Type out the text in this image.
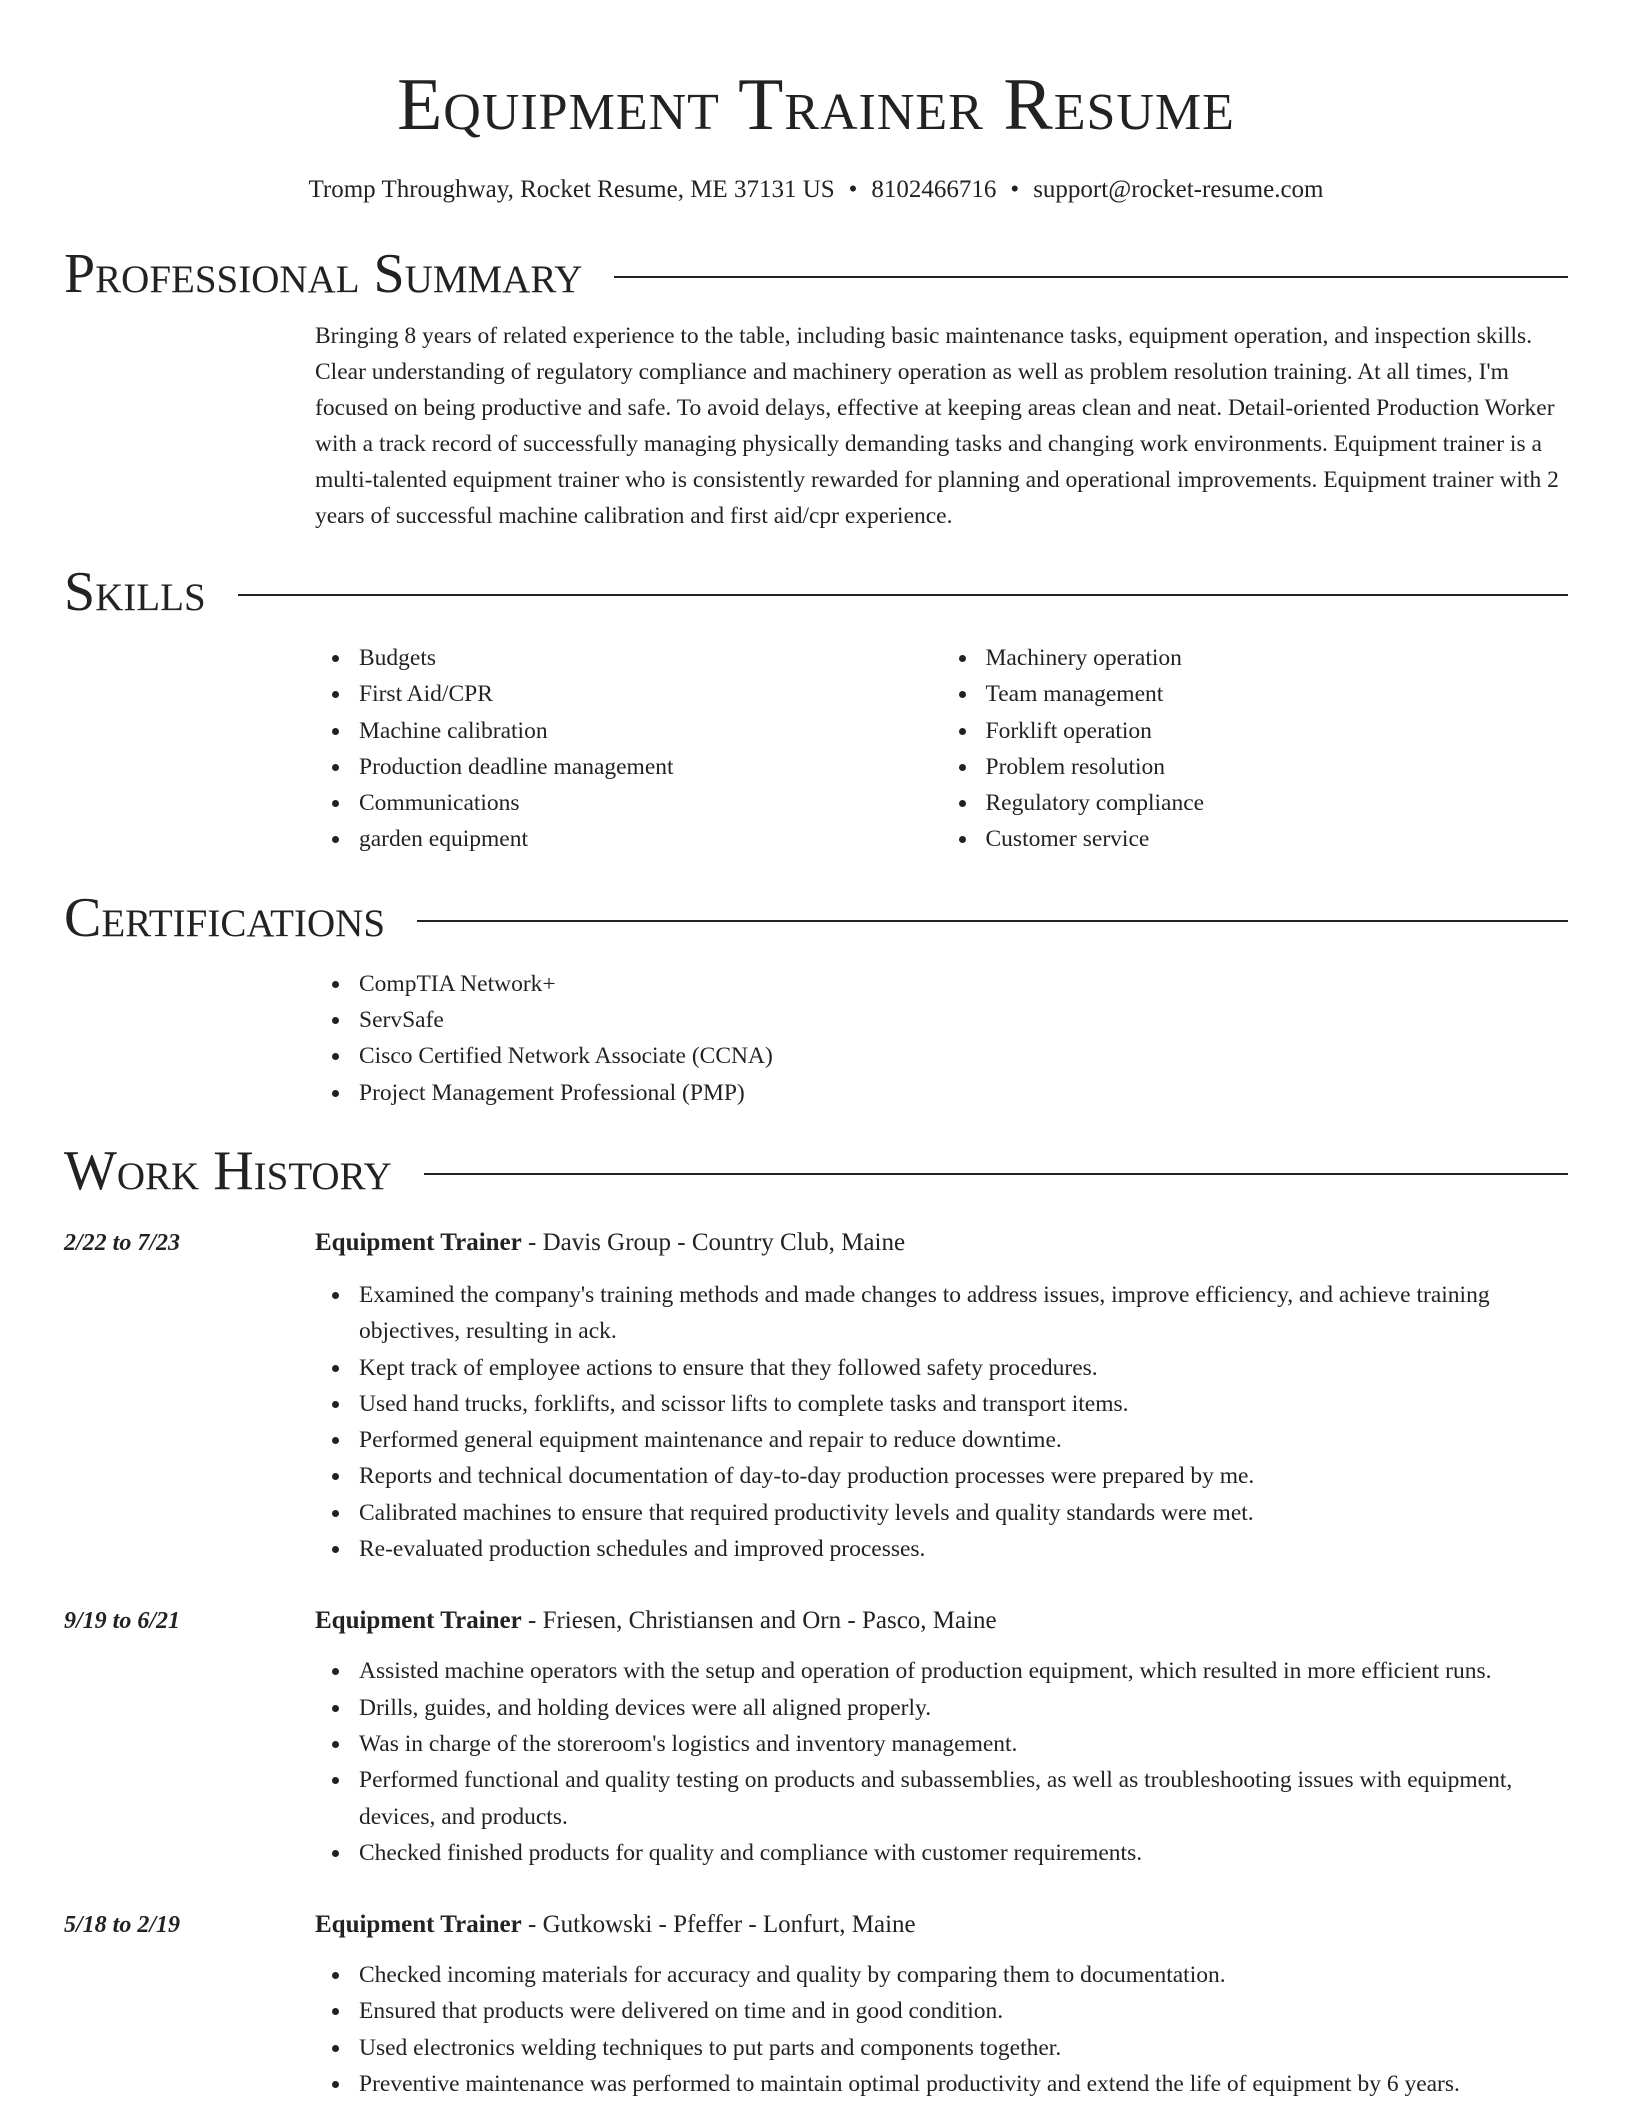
Equipment Trainer Resume
Tromp Throughway, Rocket Resume, ME 37131 US • 8102466716 • support@rocket-resume.com
Professional Summary
Bringing 8 years of related experience to the table, including basic maintenance tasks, equipment operation, and inspection skills. Clear understanding of regulatory compliance and machinery operation as well as problem resolution training. At all times, I'm focused on being productive and safe. To avoid delays, effective at keeping areas clean and neat. Detail-oriented Production Worker with a track record of successfully managing physically demanding tasks and changing work environments. Equipment trainer is a multi-talented equipment trainer who is consistently rewarded for planning and operational improvements. Equipment trainer with 2 years of successful machine calibration and first aid/cpr experience.
Skills
Budgets
First Aid/CPR
Machine calibration
Production deadline management
Communications
garden equipment
Machinery operation
Team management
Forklift operation
Problem resolution
Regulatory compliance
Customer service
Certifications
CompTIA Network+
ServSafe
Cisco Certified Network Associate (CCNA)
Project Management Professional (PMP)
Work History
2/22 to 7/23	Equipment Trainer - Davis Group - Country Club, Maine
Examined the company's training methods and made changes to address issues, improve efficiency, and achieve training objectives, resulting in ack.
Kept track of employee actions to ensure that they followed safety procedures.
Used hand trucks, forklifts, and scissor lifts to complete tasks and transport items.
Performed general equipment maintenance and repair to reduce downtime.
Reports and technical documentation of day-to-day production processes were prepared by me.
Calibrated machines to ensure that required productivity levels and quality standards were met.
Re-evaluated production schedules and improved processes.
9/19 to 6/21	Equipment Trainer - Friesen, Christiansen and Orn - Pasco, Maine
Assisted machine operators with the setup and operation of production equipment, which resulted in more efficient runs.
Drills, guides, and holding devices were all aligned properly.
Was in charge of the storeroom's logistics and inventory management.
Performed functional and quality testing on products and subassemblies, as well as troubleshooting issues with equipment, devices, and products.
Checked finished products for quality and compliance with customer requirements.
5/18 to 2/19	Equipment Trainer - Gutkowski - Pfeffer - Lonfurt, Maine
Checked incoming materials for accuracy and quality by comparing them to documentation.
Ensured that products were delivered on time and in good condition.
Used electronics welding techniques to put parts and components together.
Preventive maintenance was performed to maintain optimal productivity and extend the life of equipment by 6 years.
